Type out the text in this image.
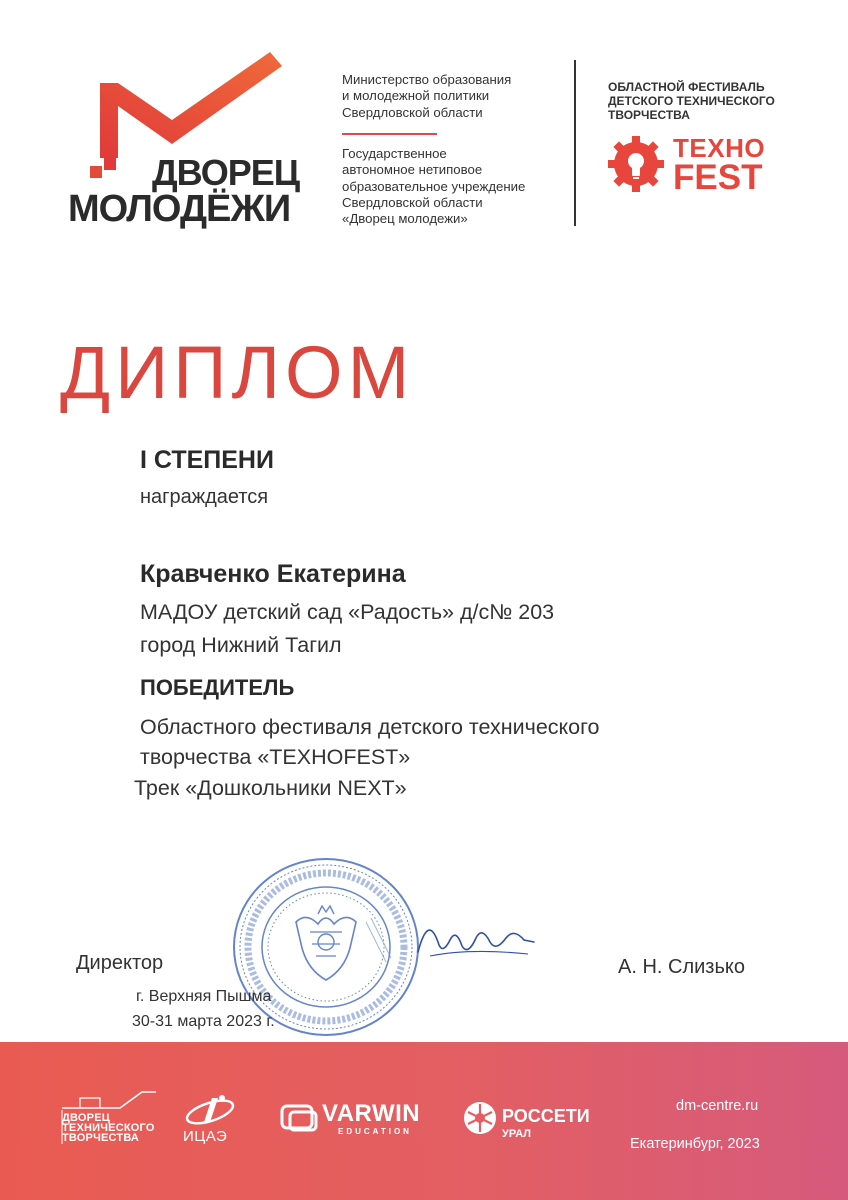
ДВОРЕЦ
МОЛОДЁЖИ
Министерство образования
и молодежной политики
Свердловской области
Государственное
автономное нетиповое
образовательное учреждение
Свердловской области
«Дворец молодежи»
ОБЛАСТНОЙ ФЕСТИВАЛЬ
ДЕТСКОГО ТЕХНИЧЕСКОГО
ТВОРЧЕСТВА
ТЕХНО
FEST
ДИПЛОМ
I СТЕПЕНИ
награждается
Кравченко Екатерина
МАДОУ детский сад «Радость» д/с№ 203
город Нижний Тагил
ПОБЕДИТЕЛЬ
Областного фестиваля детского технического
творчества «TEXHOFEST»
Трек «Дошкольники NEXT»
Директор	А. Н. Слизько
г. Верхняя Пышма
30-31 марта 2023 г.
ДВОРЕЦ
ТЕХНИЧЕСКОГО
ТВОРЧЕСТВА	ИЦАЭ
VARWIN
EDUCATION
РОССЕТИ
УРАЛ
dm-centre.ru
Екатеринбург, 2023
